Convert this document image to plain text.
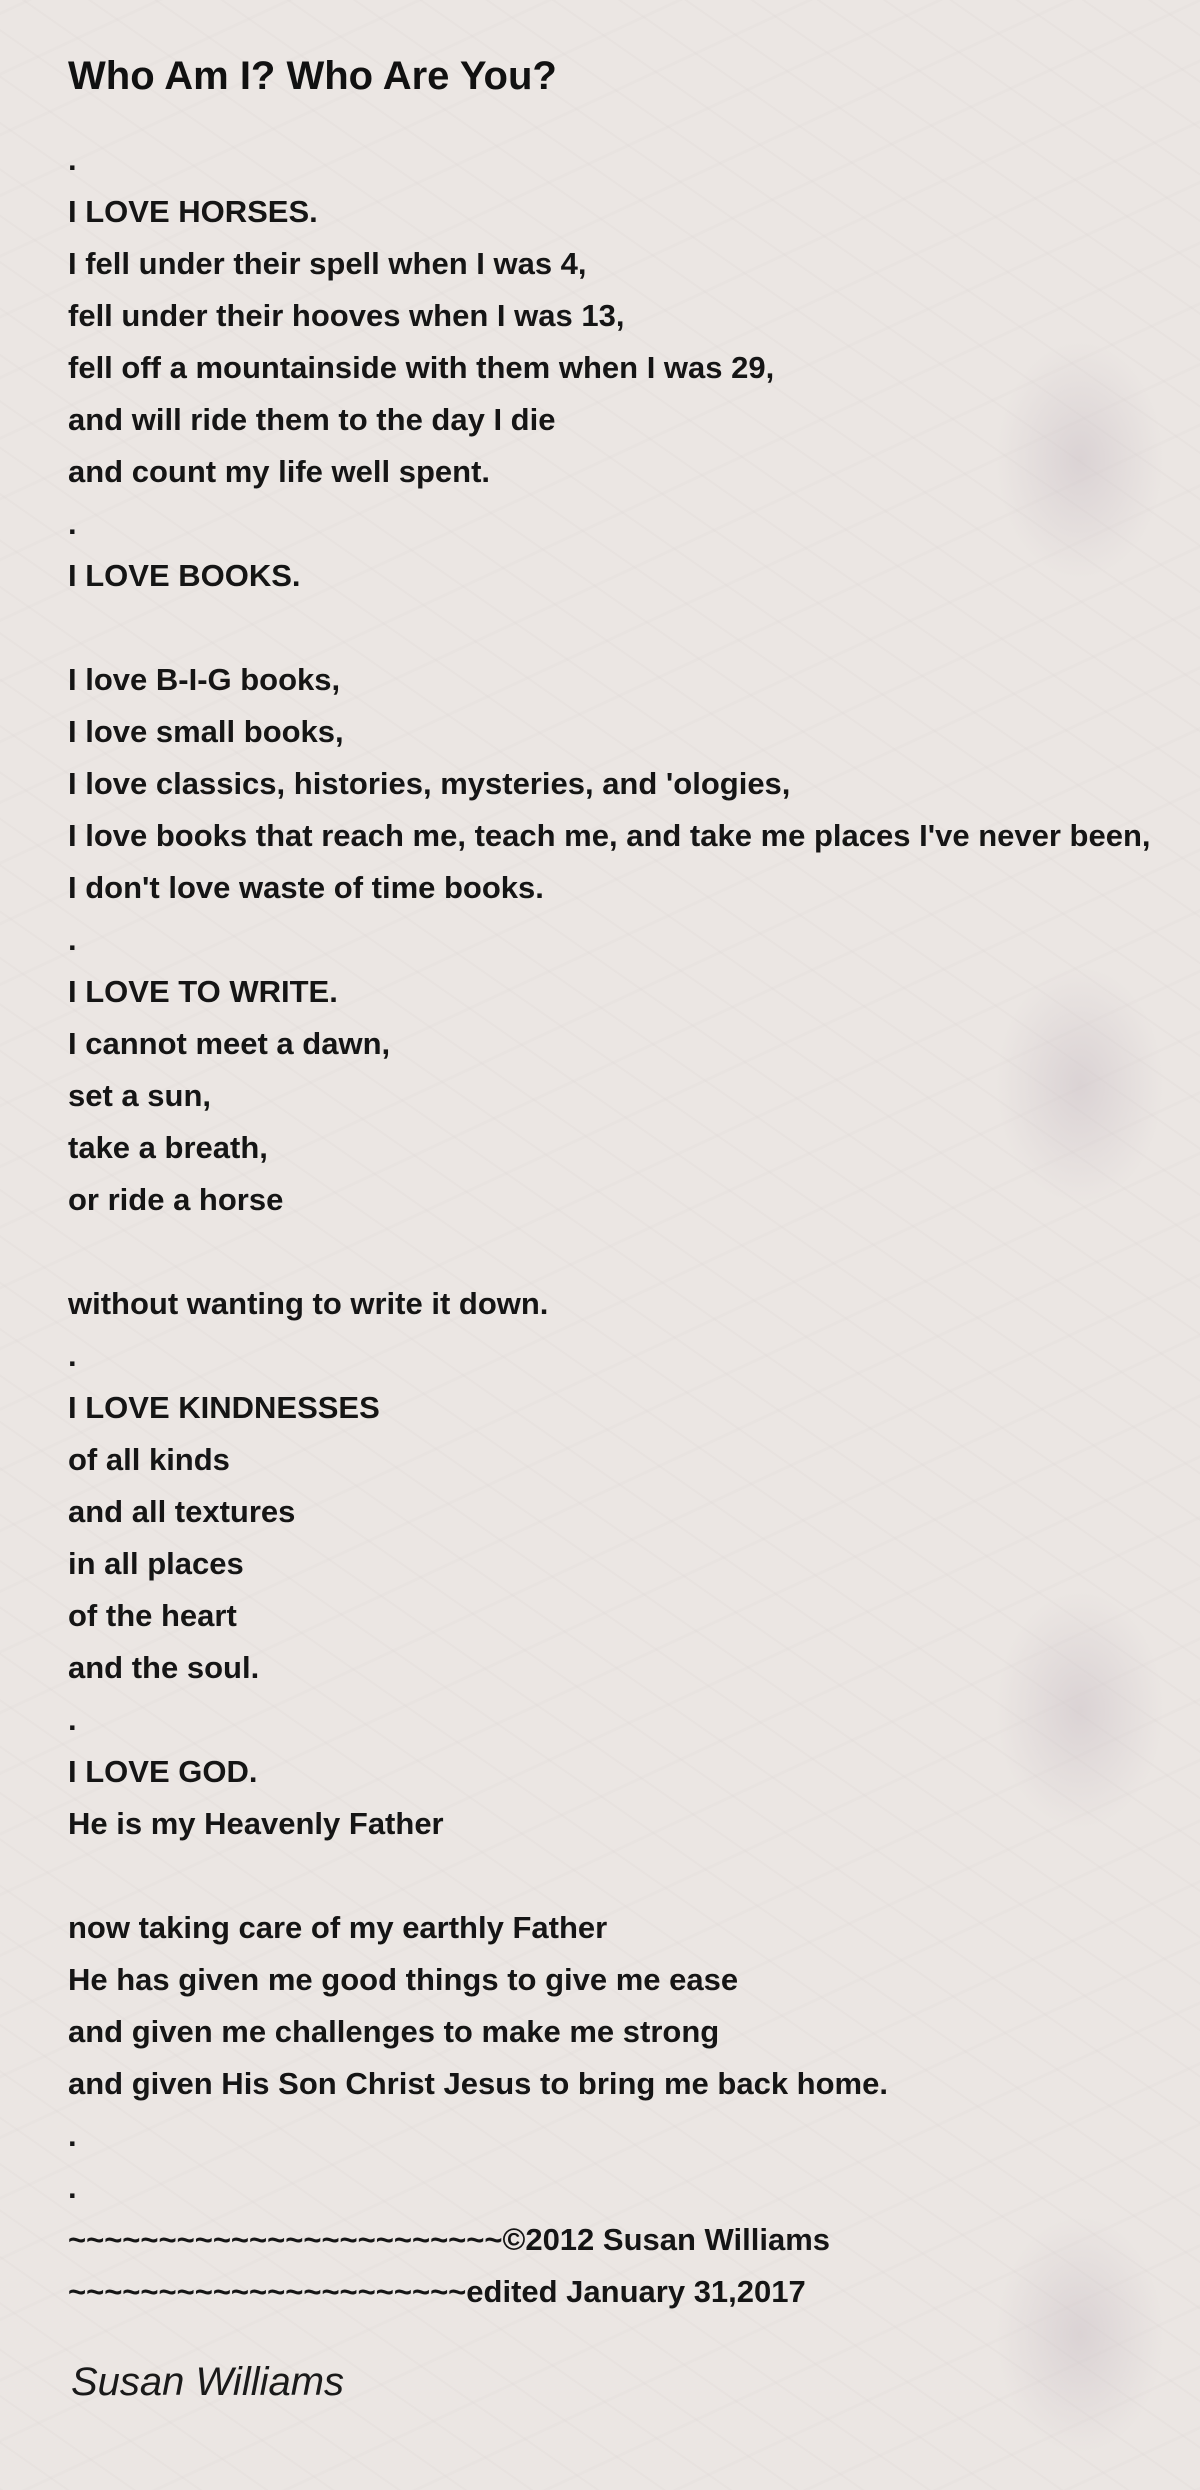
Who Am I? Who Are You?
.
I LOVE HORSES.
I fell under their spell when I was 4,
fell under their hooves when I was 13,
fell off a mountainside with them when I was 29,
and will ride them to the day I die
and count my life well spent.
.
I LOVE BOOKS.
I love B-I-G books,
I love small books,
I love classics, histories, mysteries, and 'ologies,
I love books that reach me, teach me, and take me places I've never been,
I don't love waste of time books.
.
I LOVE TO WRITE.
I cannot meet a dawn,
set a sun,
take a breath,
or ride a horse
without wanting to write it down.
.
I LOVE KINDNESSES
of all kinds
and all textures
in all places
of the heart
and the soul.
.
I LOVE GOD.
He is my Heavenly Father
now taking care of my earthly Father
He has given me good things to give me ease
and given me challenges to make me strong
and given His Son Christ Jesus to bring me back home.
.
.
~~~~~~~~~~~~~~~~~~~~~~~~©2012 Susan Williams
~~~~~~~~~~~~~~~~~~~~~~edited January 31,2017
Susan Williams
